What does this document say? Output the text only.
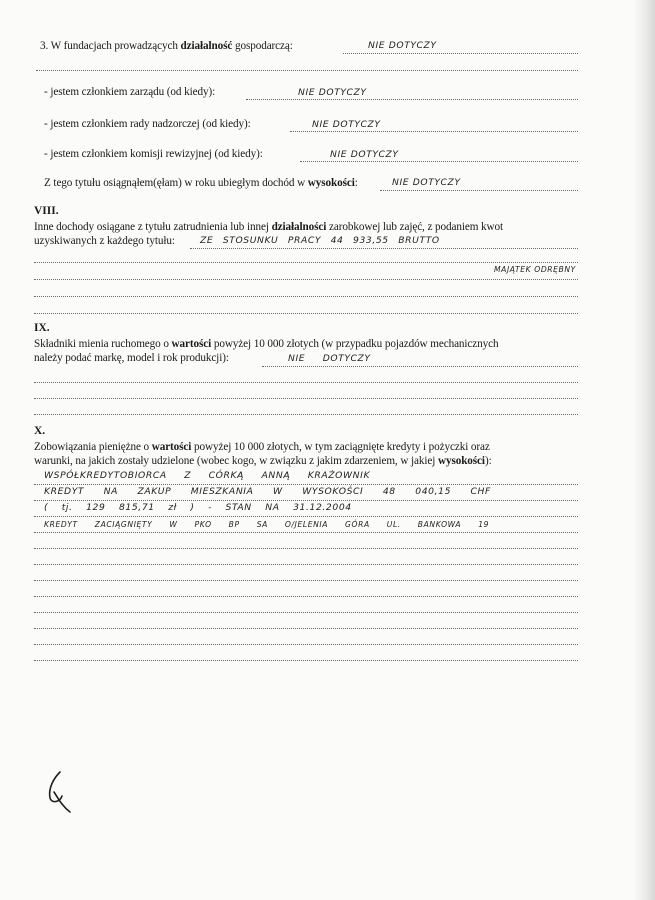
3. W fundacjach prowadzących działalność gospodarczą:	NIE DOTYCZY
- jestem członkiem zarządu (od kiedy):	NIE DOTYCZY
- jestem członkiem rady nadzorczej (od kiedy):	NIE DOTYCZY
- jestem członkiem komisji rewizyjnej (od kiedy):	NIE DOTYCZY
Z tego tytułu osiągnąłem(ęłam) w roku ubiegłym dochód w wysokości:	NIE DOTYCZY
VIII.
Inne dochody osiągane z tytułu zatrudnienia lub innej działalności zarobkowej lub zajęć, z podaniem kwot
uzyskiwanych z każdego tytułu:	ZE STOSUNKU PRACY 44 933,55 BRUTTO
MAJĄTEK ODRĘBNY
IX.
Składniki mienia ruchomego o wartości powyżej 10 000 złotych (w przypadku pojazdów mechanicznych
należy podać markę, model i rok produkcji):	NIE DOTYCZY
X.
Zobowiązania pieniężne o wartości powyżej 10 000 złotych, w tym zaciągnięte kredyty i pożyczki oraz
warunki, na jakich zostały udzielone (wobec kogo, w związku z jakim zdarzeniem, w jakiej wysokości):
WSPÓŁKREDYTOBIORCA Z CÓRKĄ ANNĄ KRAŻOWNIK
KREDYT NA ZAKUP MIESZKANIA W WYSOKOŚCI 48 040,15 CHF
( tj. 129 815,71 zł ) - STAN NA 31.12.2004
KREDYT ZACIĄGNIĘTY W PKO BP SA O/JELENIA GÓRA UL. BANKOWA 19
